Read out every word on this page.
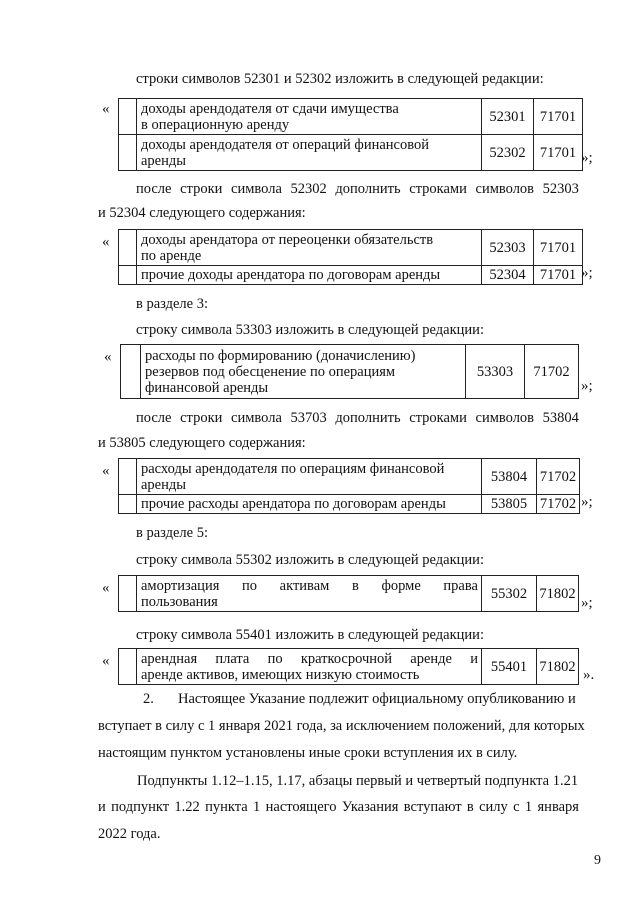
строки символов 52301 и 52302 изложить в следующей редакции:
«

	доходы арендодателя от сдачи имущества
в операционную аренду	52301	71701

	доходы арендодателя от операций финансовой
аренды	52302	71701 »;
после строки символа 52302 дополнить строками символов 52303
и 52304 следующего содержания:
«

	доходы арендатора от переоценки обязательств
по аренде	52303	71701

	прочие доходы арендатора по договорам аренды	52304	71701 »;
в разделе 3:
строку символа 53303 изложить в следующей редакции:
«
	расходы по формированию (доначислению)
резервов под обесценение по операциям
финансовой аренды
	53303	71702
»;
после строки символа 53703 дополнить строками символов 53804
и 53805 следующего содержания:
«

	расходы арендодателя по операциям финансовой
аренды	53804	71702

	прочие расходы арендатора по договорам аренды	53805	71702 »;
в разделе 5:
строку символа 55302 изложить в следующей редакции:
«
	амортизация по активам в форме права
пользования	55302	71802
»;
строку символа 55401 изложить в следующей редакции:
«
	арендная плата по краткосрочной аренде и
аренде активов, имеющих низкую стоимость	55401	71802
».
2. Настоящее Указание подлежит официальному опубликованию и
вступает в силу с 1 января 2021 года, за исключением положений, для которых
настоящим пунктом установлены иные сроки вступления их в силу.
Подпункты 1.12–1.15, 1.17, абзацы первый и четвертый подпункта 1.21
и подпункт 1.22 пункта 1 настоящего Указания вступают в силу с 1 января
2022 года.
9
